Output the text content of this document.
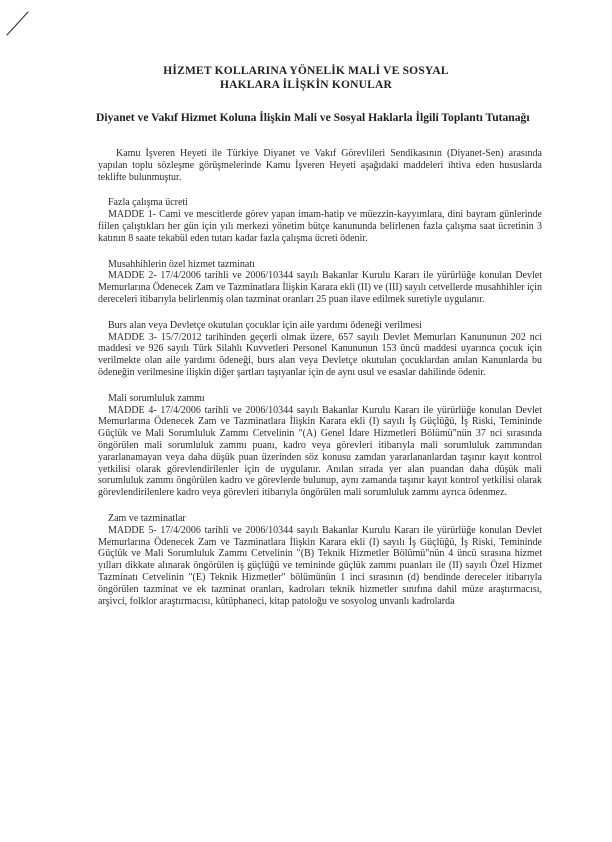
HİZMET KOLLARINA YÖNELİK MALİ VE SOSYAL
HAKLARA İLİŞKİN KONULAR
Diyanet ve Vakıf Hizmet Koluna İlişkin Mali ve Sosyal Haklarla İlgili Toplantı Tutanağı

Kamu İşveren Heyeti ile Türkiye Diyanet ve Vakıf Görevlileri Sendikasının (Diyanet-Sen) arasında yapılan toplu sözleşme görüşmelerinde Kamu İşveren Heyeti aşağıdaki maddeleri ihtiva eden hususlarda teklifte bulunmuştur.

Fazla çalışma ücreti

MADDE 1- Cami ve mescitlerde görev yapan imam-hatip ve müezzin-kayyımlara, dini bayram günlerinde fiilen çalıştıkları her gün için yılı merkezi yönetim bütçe kanununda belirlenen fazla çalışma saat ücretinin 3 katının 8 saate tekabül eden tutarı kadar fazla çalışma ücreti ödenir.

Musahhihlerin özel hizmet tazminatı

MADDE 2- 17/4/2006 tarihli ve 2006/10344 sayılı Bakanlar Kurulu Kararı ile yürürlüğe konulan Devlet Memurlarına Ödenecek Zam ve Tazminatlara İlişkin Karara ekli (II) ve (III) sayılı cetvellerde musahhihler için dereceleri itibarıyla belirlenmiş olan tazminat oranları 25 puan ilave edilmek suretiyle uygulanır.

Burs alan veya Devletçe okutulan çocuklar için aile yardımı ödeneği verilmesi

MADDE 3- 15/7/2012 tarihinden geçerli olmak üzere, 657 sayılı Devlet Memurları Kanununun 202 nci maddesi ve 926 sayılı Türk Silahlı Kuvvetleri Personel Kanununun 153 üncü maddesi uyarınca çocuk için verilmekte olan aile yardımı ödeneği, burs alan veya Devletçe okutulan çocuklardan anılan Kanunlarda bu ödeneğin verilmesine ilişkin diğer şartları taşıyanlar için de aynı usul ve esaslar dahilinde ödenir.

Mali sorumluluk zammı

MADDE 4- 17/4/2006 tarihli ve 2006/10344 sayılı Bakanlar Kurulu Kararı ile yürürlüğe konulan Devlet Memurlarına Ödenecek Zam ve Tazminatlara İlişkin Karara ekli (I) sayılı İş Güçlüğü, İş Riski, Temininde Güçlük ve Mali Sorumluluk Zammı Cetvelinin "(A) Genel İdare Hizmetleri Bölümü"nün 37 nci sırasında öngörülen mali sorumluluk zammı puanı, kadro veya görevleri itibarıyla mali sorumluluk zammından yararlanamayan veya daha düşük puan üzerinden söz konusu zamdan yararlananlardan taşınır kayıt kontrol yetkilisi olarak görevlendirilenler için de uygulanır. Anılan sırada yer alan puandan daha düşük mali sorumluluk zammı öngörülen kadro ve görevlerde bulunup, aynı zamanda taşınır kayıt kontrol yetkilisi olarak görevlendirilenlere kadro veya görevleri itibarıyla öngörülen mali sorumluluk zammı ayrıca ödenmez.

Zam ve tazminatlar

MADDE 5- 17/4/2006 tarihli ve 2006/10344 sayılı Bakanlar Kurulu Kararı ile yürürlüğe konulan Devlet Memurlarına Ödenecek Zam ve Tazminatlara İlişkin Karara ekli (I) sayılı İş Güçlüğü, İş Riski, Temininde Güçlük ve Mali Sorumluluk Zammı Cetvelinin "(B) Teknik Hizmetler Bölümü"nün 4 üncü sırasına hizmet yılları dikkate alınarak öngörülen iş güçlüğü ve temininde güçlük zammı puanları ile (II) sayılı Özel Hizmet Tazminatı Cetvelinin "(E) Teknik Hizmetler" bölümünün 1 inci sırasının (d) bendinde dereceler itibarıyla öngörülen tazminat ve ek tazminat oranları, kadroları teknik hizmetler sınıfına dahil müze araştırmacısı, arşivci, folklor araştırmacısı, kütüphaneci, kitap patoloğu ve sosyolog unvanlı kadrolarda
